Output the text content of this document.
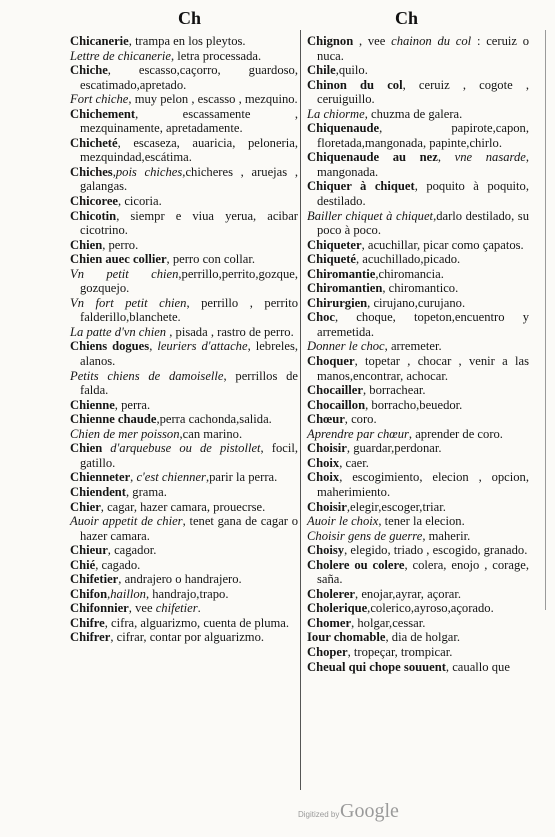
Ch	Ch

Chicanerie, trampa en los pleytos.

Lettre de chicanerie, letra processada.

Chiche, escasso,caçorro, guardoso, escatimado,apretado.

Fort chiche, muy pelon , escasso , mezquino.

Chichement, escassamente , mezquinamente, apretadamente.

Chicheté, escaseza, auaricia, peloneria, mezquindad,escátima.

Chiches,pois chiches,chicheres , aruejas , galangas.

Chicoree, cicoria.

Chicotin, siempr e viua yerua, acibar cicotrino.

Chien, perro.

Chien auec collier, perro con collar.

Vn petit chien,perrillo,perrito,gozque, gozquejo.

Vn fort petit chien, perrillo , perrito falderillo,blanchete.

La patte d'vn chien , pisada , rastro de perro.

Chiens dogues, leuriers d'attache, lebreles, alanos.

Petits chiens de damoiselle, perrillos de falda.

Chienne, perra.

Chienne chaude,perra cachonda,salida.

Chien de mer poisson,can marino.

Chien d'arquebuse ou de pistollet, focil, gatillo.

Chienneter, c'est chienner,parir la perra.

Chiendent, grama.

Chier, cagar, hazer camara, prouecrse.

Auoir appetit de chier, tenet gana de cagar o hazer camara.

Chieur, cagador.

Chié, cagado.

Chifetier, andrajero o handrajero.

Chifon,haillon, handrajo,trapo.

Chifonnier, vee chifetier.

Chifre, cifra, alguarizmo, cuenta de pluma.

Chifrer, cifrar, contar por alguarizmo.

Chignon , vee chainon du col : ceruiz o nuca.

Chile,quilo.

Chinon du col, ceruiz , cogote , ceruiguillo.

La chiorme, chuzma de galera.

Chiquenaude, papirote,capon, floretada,mangonada, papinte,chirlo.

Chiquenaude au nez, vne nasarde, mangonada.

Chiquer à chiquet, poquito à poquito, destilado.

Bailler chiquet à chiquet,darlo destilado, su poco à poco.

Chiqueter, acuchillar, picar como çapatos.

Chiqueté, acuchillado,picado.

Chiromantie,chiromancia.

Chiromantien, chiromantico.

Chirurgien, cirujano,curujano.

Choc, choque, topeton,encuentro y arremetida.

Donner le choc, arremeter.

Choquer, topetar , chocar , venir a las manos,encontrar, achocar.

Chocailler, borrachear.

Chocaillon, borracho,beuedor.

Chœur, coro.

Aprendre par chœur, aprender de coro.

Choisir, guardar,perdonar.

Choix, caer.

Choix, escogimiento, elecion , opcion, maherimiento.

Choisir,elegir,escoger,triar.

Auoir le choix, tener la elecion.

Choisir gens de guerre, maherir.

Choisy, elegido, triado , escogido, granado.

Cholere ou colere, colera, enojo , corage, saña.

Cholerer, enojar,ayrar, açorar.

Cholerique,colerico,ayroso,açorado.

Chomer, holgar,cessar.

Iour chomable, dia de holgar.

Choper, tropeçar, trompicar.

Cheual qui chope souuent, cauallo que

Digitized by Google
